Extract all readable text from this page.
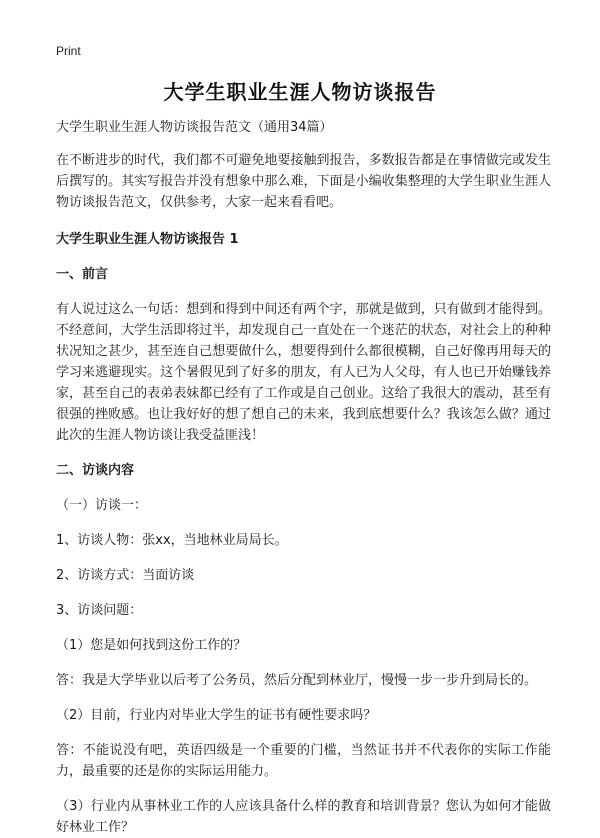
Print
大学生职业生涯人物访谈报告

大学生职业生涯人物访谈报告范文（通用34篇）

在不断进步的时代，我们都不可避免地要接触到报告，多数报告都是在事情做完或发生后撰写的。其实写报告并没有想象中那么难，下面是小编收集整理的大学生职业生涯人物访谈报告范文，仅供参考，大家一起来看看吧。

大学生职业生涯人物访谈报告 1

一、前言

有人说过这么一句话：想到和得到中间还有两个字，那就是做到，只有做到才能得到。不经意间，大学生活即将过半，却发现自己一直处在一个迷茫的状态，对社会上的种种状况知之甚少，甚至连自己想要做什么，想要得到什么都很模糊，自己好像再用每天的学习来逃避现实。这个暑假见到了好多的朋友，有人已为人父母，有人也已开始赚钱养家，甚至自己的表弟表妹都已经有了工作或是自己创业。这给了我很大的震动，甚至有很强的挫败感。也让我好好的想了想自己的未来，我到底想要什么？我该怎么做？通过此次的生涯人物访谈让我受益匪浅！

二、访谈内容

（一）访谈一：

1、访谈人物：张xx，当地林业局局长。

2、访谈方式：当面访谈

3、访谈问题：

（1）您是如何找到这份工作的？

答：我是大学毕业以后考了公务员，然后分配到林业厅，慢慢一步一步升到局长的。

（2）目前，行业内对毕业大学生的证书有硬性要求吗？

答：不能说没有吧，英语四级是一个重要的门槛，当然证书并不代表你的实际工作能力，最重要的还是你的实际运用能力。

（3）行业内从事林业工作的人应该具备什么样的教育和培训背景？您认为如何才能做好林业工作？
